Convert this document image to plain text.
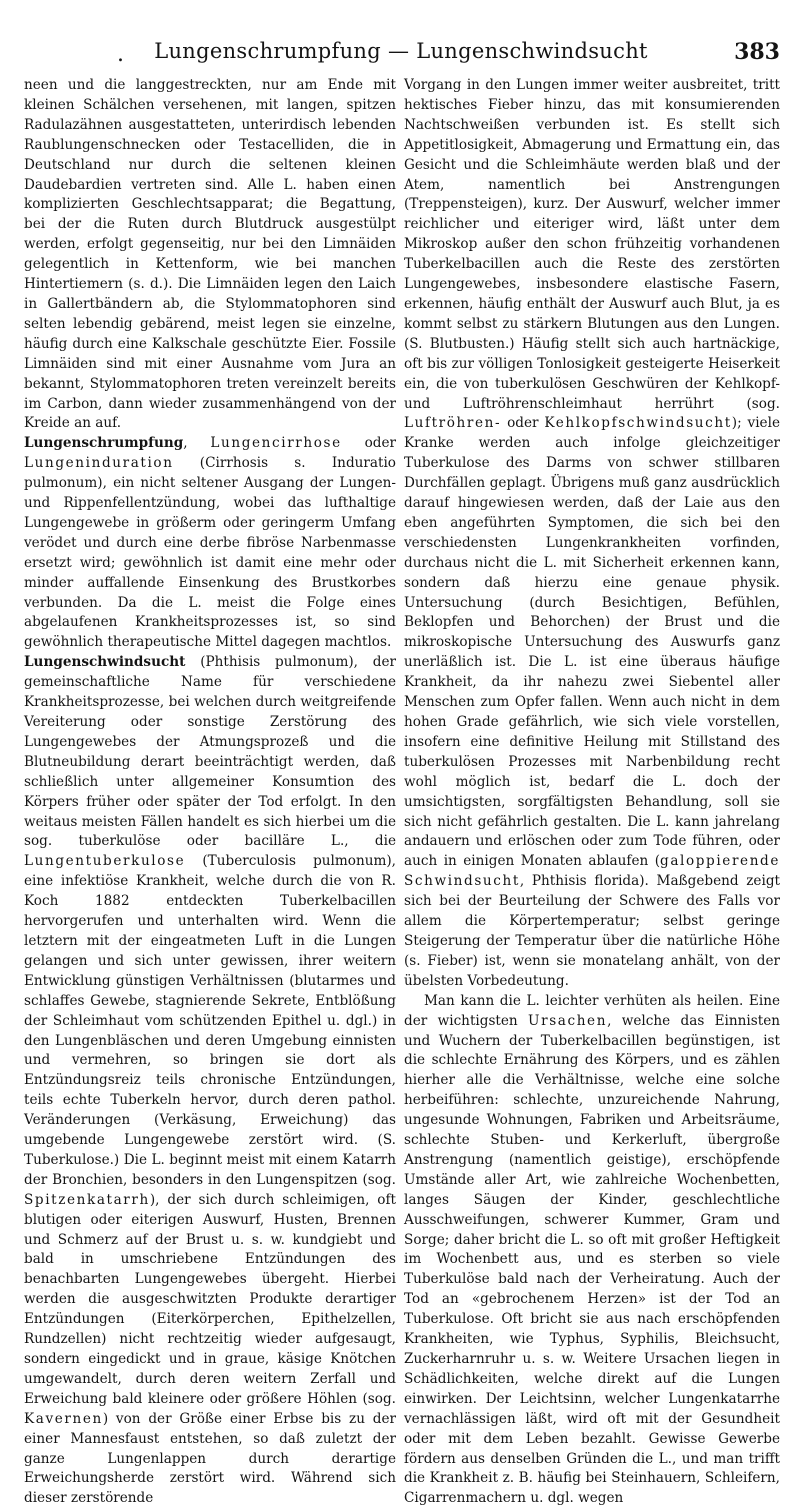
.	Lungenschrumpfung — Lungenschwindsucht	383

neen und die langgestreckten, nur am Ende mit kleinen Schälchen versehenen, mit langen, spitzen Radulazähnen ausgestatteten, unterirdisch lebenden Raublungenschnecken oder Testacelliden, die in Deutschland nur durch die seltenen kleinen Daudebardien vertreten sind. Alle L. haben einen komplizierten Geschlechtsapparat; die Begattung, bei der die Ruten durch Blutdruck ausgestülpt werden, erfolgt gegenseitig, nur bei den Limnäiden gelegentlich in Kettenform, wie bei manchen Hintertiemern (s. d.). Die Limnäiden legen den Laich in Gallertbändern ab, die Stylommatophoren sind selten lebendig gebärend, meist legen sie einzelne, häufig durch eine Kalkschale geschützte Eier. Fossile Limnäiden sind mit einer Ausnahme vom Jura an bekannt, Stylommatophoren treten vereinzelt bereits im Carbon, dann wieder zusammenhängend von der Kreide an auf.

Lungenschrumpfung, Lungencirrhose oder Lungeninduration (Cirrhosis s. Induratio pulmonum), ein nicht seltener Ausgang der Lungen- und Rippenfellentzündung, wobei das lufthaltige Lungengewebe in größerm oder geringerm Umfang verödet und durch eine derbe fibröse Narbenmasse ersetzt wird; gewöhnlich ist damit eine mehr oder minder auffallende Einsenkung des Brustkorbes verbunden. Da die L. meist die Folge eines abgelaufenen Krankheitsprozesses ist, so sind gewöhnlich therapeutische Mittel dagegen machtlos.

Lungenschwindsucht (Phthisis pulmonum), der gemeinschaftliche Name für verschiedene Krankheitsprozesse, bei welchen durch weitgreifende Vereiterung oder sonstige Zerstörung des Lungengewebes der Atmungsprozeß und die Blutneubildung derart beeinträchtigt werden, daß schließlich unter allgemeiner Konsumtion des Körpers früher oder später der Tod erfolgt. In den weitaus meisten Fällen handelt es sich hierbei um die sog. tuberkulöse oder bacilläre L., die Lungentuberkulose (Tuberculosis pulmonum), eine infektiöse Krankheit, welche durch die von R. Koch 1882 entdeckten Tuberkelbacillen hervorgerufen und unterhalten wird. Wenn die letztern mit der eingeatmeten Luft in die Lungen gelangen und sich unter gewissen, ihrer weitern Entwicklung günstigen Verhältnissen (blutarmes und schlaffes Gewebe, stagnierende Sekrete, Entblößung der Schleimhaut vom schützenden Epithel u. dgl.) in den Lungenbläschen und deren Umgebung einnisten und vermehren, so bringen sie dort als Entzündungsreiz teils chronische Entzündungen, teils echte Tuberkeln hervor, durch deren pathol. Veränderungen (Verkäsung, Erweichung) das umgebende Lungengewebe zerstört wird. (S. Tuberkulose.) Die L. beginnt meist mit einem Katarrh der Bronchien, besonders in den Lungenspitzen (sog. Spitzenkatarrh), der sich durch schleimigen, oft blutigen oder eiterigen Auswurf, Husten, Brennen und Schmerz auf der Brust u. s. w. kundgiebt und bald in umschriebene Entzündungen des benachbarten Lungengewebes übergeht. Hierbei werden die ausgeschwitzten Produkte derartiger Entzündungen (Eiterkörperchen, Epithelzellen, Rundzellen) nicht rechtzeitig wieder aufgesaugt, sondern eingedickt und in graue, käsige Knötchen umgewandelt, durch deren weitern Zerfall und Erweichung bald kleinere oder größere Höhlen (sog. Kavernen) von der Größe einer Erbse bis zu der einer Mannesfaust entstehen, so daß zuletzt der ganze Lungenlappen durch derartige Erweichungsherde zerstört wird. Während sich dieser zerstörende

Vorgang in den Lungen immer weiter ausbreitet, tritt hektisches Fieber hinzu, das mit konsumierenden Nachtschweißen verbunden ist. Es stellt sich Appetitlosigkeit, Abmagerung und Ermattung ein, das Gesicht und die Schleimhäute werden blaß und der Atem, namentlich bei Anstrengungen (Treppensteigen), kurz. Der Auswurf, welcher immer reichlicher und eiteriger wird, läßt unter dem Mikroskop außer den schon frühzeitig vorhandenen Tuberkelbacillen auch die Reste des zerstörten Lungengewebes, insbesondere elastische Fasern, erkennen, häufig enthält der Auswurf auch Blut, ja es kommt selbst zu stärkern Blutungen aus den Lungen. (S. Blutbusten.) Häufig stellt sich auch hartnäckige, oft bis zur völligen Tonlosigkeit gesteigerte Heiserkeit ein, die von tuberkulösen Geschwüren der Kehlkopf- und Luftröhrenschleimhaut herrührt (sog. Luftröhren- oder Kehlkopfschwindsucht); viele Kranke werden auch infolge gleichzeitiger Tuberkulose des Darms von schwer stillbaren Durchfällen geplagt. Übrigens muß ganz ausdrücklich darauf hingewiesen werden, daß der Laie aus den eben angeführten Symptomen, die sich bei den verschiedensten Lungenkrankheiten vorfinden, durchaus nicht die L. mit Sicherheit erkennen kann, sondern daß hierzu eine genaue physik. Untersuchung (durch Besichtigen, Befühlen, Beklopfen und Behorchen) der Brust und die mikroskopische Untersuchung des Auswurfs ganz unerläßlich ist. Die L. ist eine überaus häufige Krankheit, da ihr nahezu zwei Siebentel aller Menschen zum Opfer fallen. Wenn auch nicht in dem hohen Grade gefährlich, wie sich viele vorstellen, insofern eine definitive Heilung mit Stillstand des tuberkulösen Prozesses mit Narbenbildung recht wohl möglich ist, bedarf die L. doch der umsichtigsten, sorgfältigsten Behandlung, soll sie sich nicht gefährlich gestalten. Die L. kann jahrelang andauern und erlöschen oder zum Tode führen, oder auch in einigen Monaten ablaufen (galoppierende Schwindsucht, Phthisis florida). Maßgebend zeigt sich bei der Beurteilung der Schwere des Falls vor allem die Körpertemperatur; selbst geringe Steigerung der Temperatur über die natürliche Höhe (s. Fieber) ist, wenn sie monatelang anhält, von der übelsten Vorbedeutung.

Man kann die L. leichter verhüten als heilen. Eine der wichtigsten Ursachen, welche das Einnisten und Wuchern der Tuberkelbacillen begünstigen, ist die schlechte Ernährung des Körpers, und es zählen hierher alle die Verhältnisse, welche eine solche herbeiführen: schlechte, unzureichende Nahrung, ungesunde Wohnungen, Fabriken und Arbeitsräume, schlechte Stuben- und Kerkerluft, übergroße Anstrengung (namentlich geistige), erschöpfende Umstände aller Art, wie zahlreiche Wochenbetten, langes Säugen der Kinder, geschlechtliche Ausschweifungen, schwerer Kummer, Gram und Sorge; daher bricht die L. so oft mit großer Heftigkeit im Wochenbett aus, und es sterben so viele Tuberkulöse bald nach der Verheiratung. Auch der Tod an «gebrochenem Herzen» ist der Tod an Tuberkulose. Oft bricht sie aus nach erschöpfenden Krankheiten, wie Typhus, Syphilis, Bleichsucht, Zuckerharnruhr u. s. w. Weitere Ursachen liegen in Schädlichkeiten, welche direkt auf die Lungen einwirken. Der Leichtsinn, welcher Lungenkatarrhe vernachlässigen läßt, wird oft mit der Gesundheit oder mit dem Leben bezahlt. Gewisse Gewerbe fördern aus denselben Gründen die L., und man trifft die Krankheit z. B. häufig bei Steinhauern, Schleifern, Cigarrenmachern u. dgl. wegen
